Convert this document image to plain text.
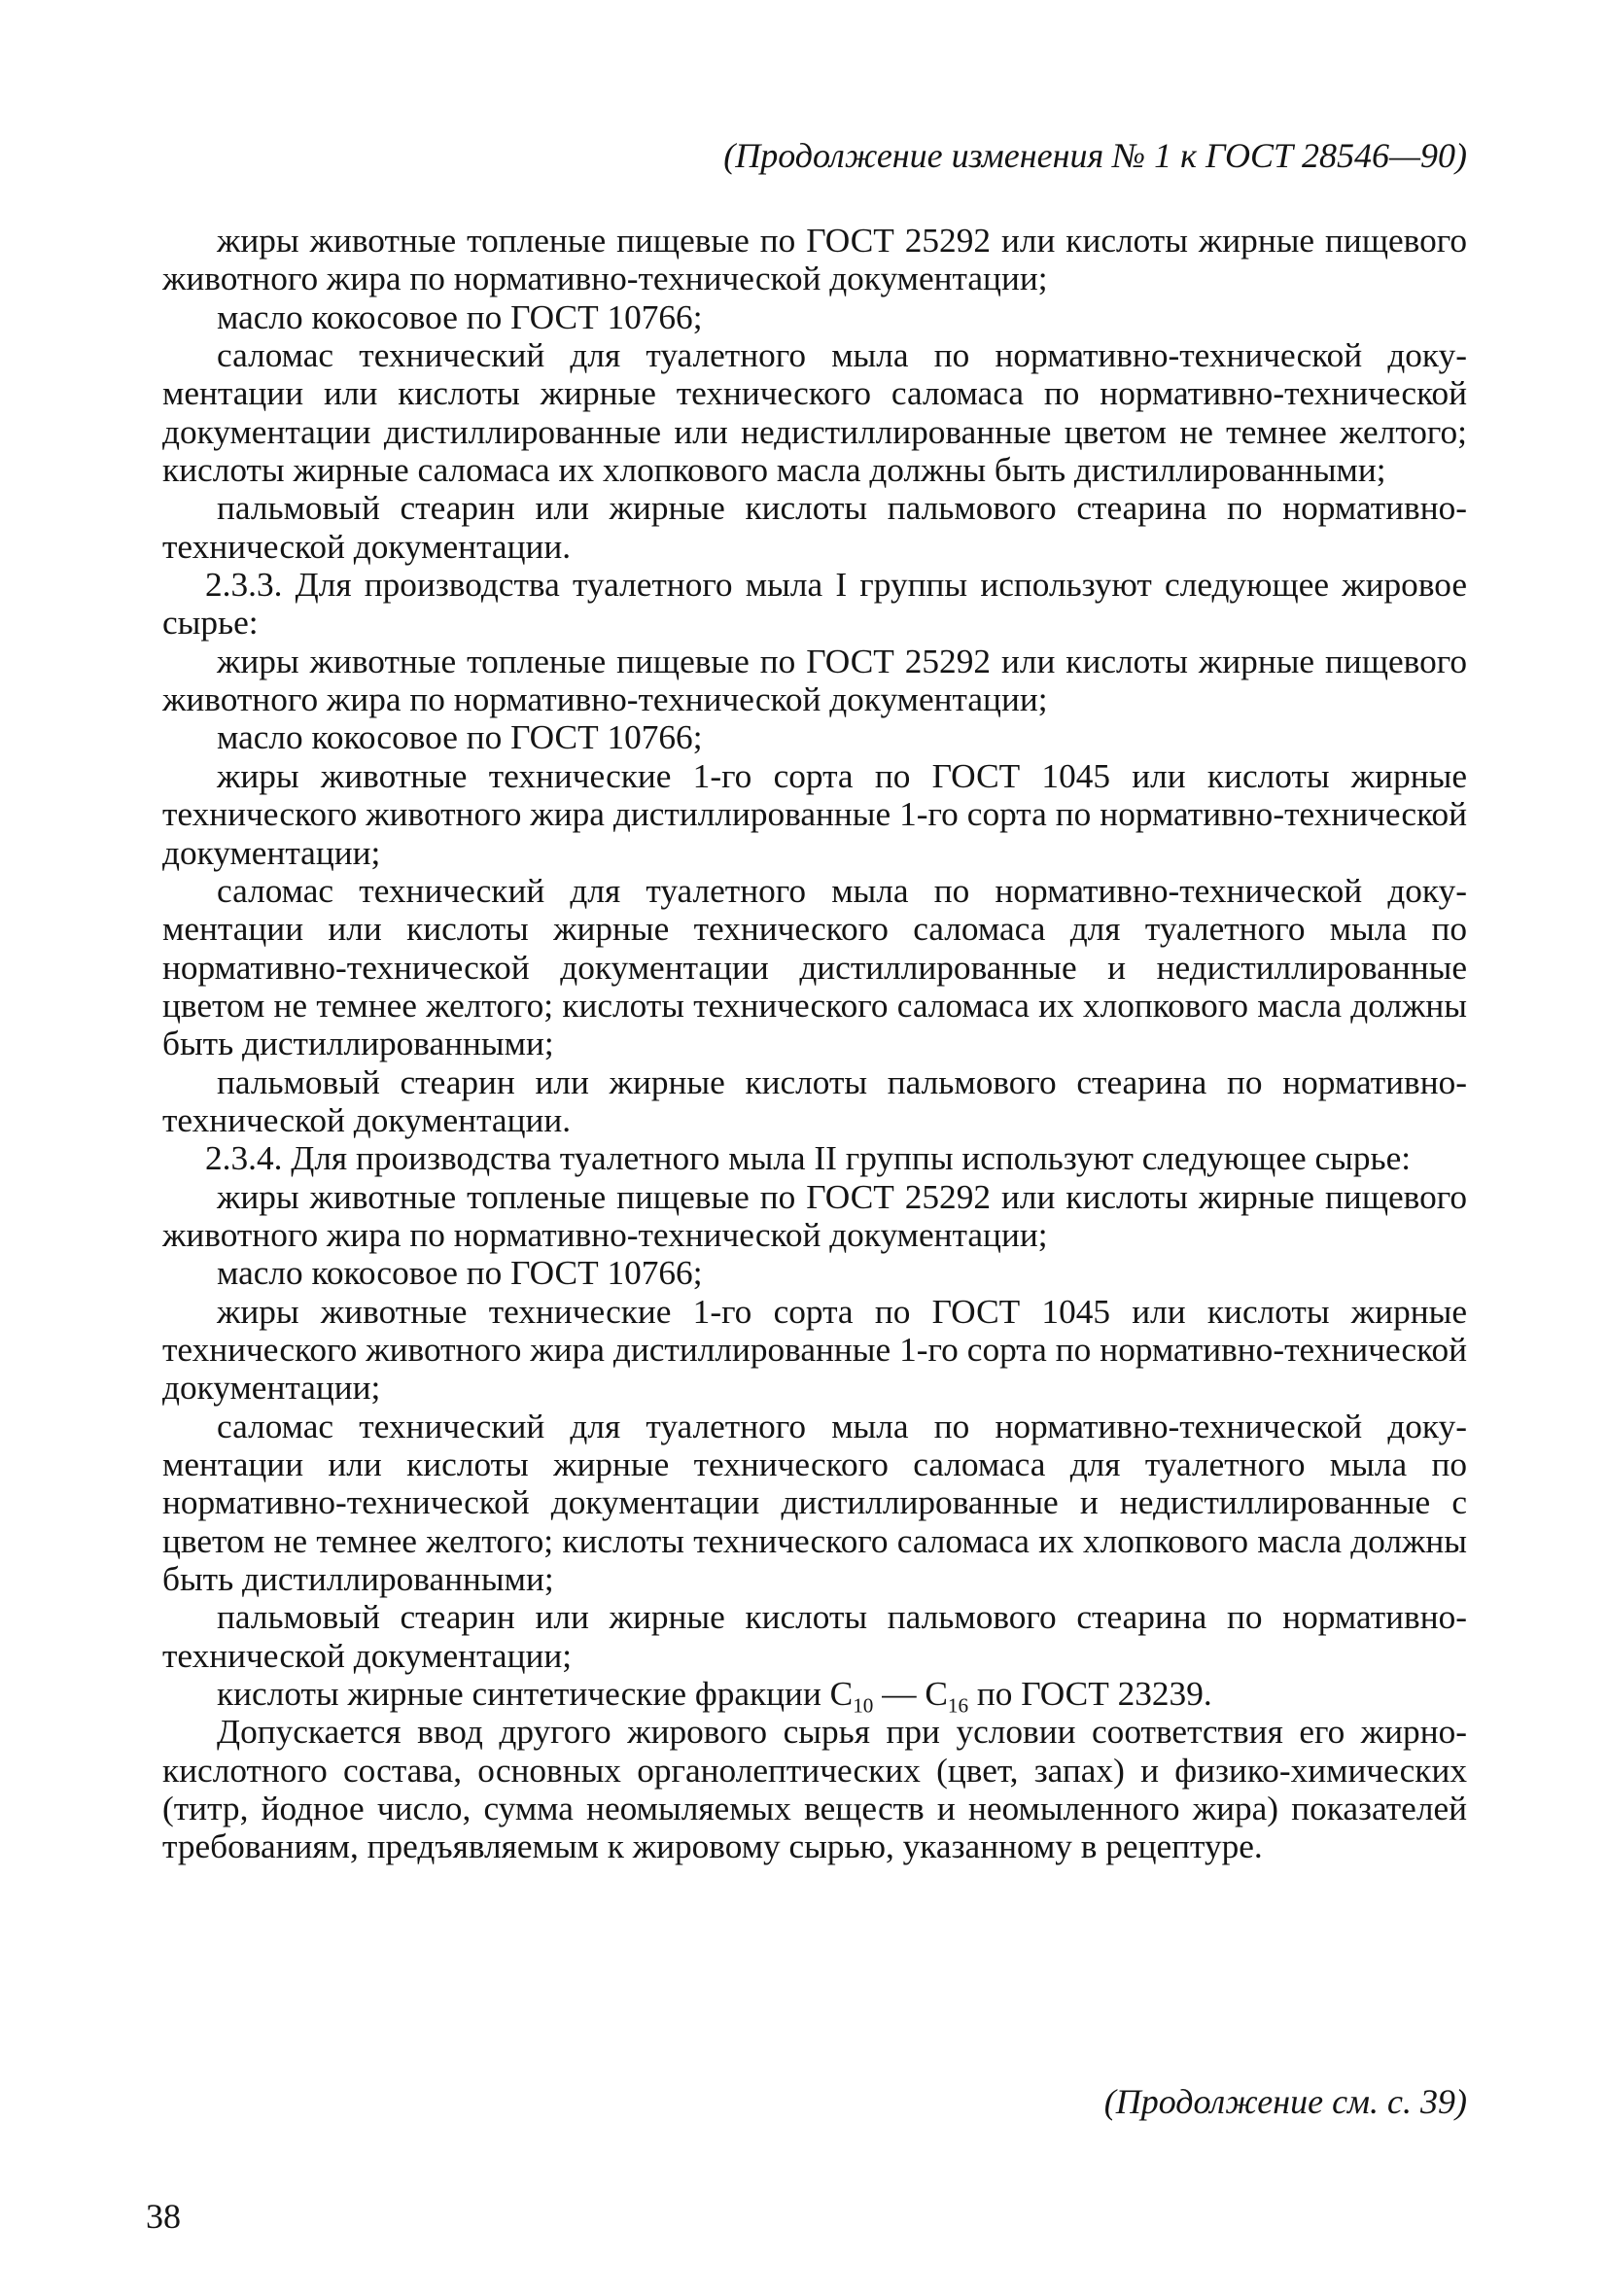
(Продолжение изменения № 1 к ГОСТ 28546—90)

жиры животные топленые пищевые по ГОСТ 25292 или кислоты жирные пищевого животного жира по нормативно-технической документации;

масло кокосовое по ГОСТ 10766;

саломас технический для туалетного мыла по нормативно-технической документации или кислоты жирные технического саломаса по нормативно-технической документации дистиллированные или недистиллированные цветом не темнее желтого; кислоты жирные саломаса их хлопкового масла должны быть дистиллированными;

пальмовый стеарин или жирные кислоты пальмового стеарина по нормативно-технической документации.

2.3.3. Для производства туалетного мыла I группы используют следующее жировое сырье:

жиры животные топленые пищевые по ГОСТ 25292 или кислоты жирные пищевого животного жира по нормативно-технической документации;

масло кокосовое по ГОСТ 10766;

жиры животные технические 1-го сорта по ГОСТ 1045 или кислоты жирные технического животного жира дистиллированные 1-го сорта по нормативно-технической документации;

саломас технический для туалетного мыла по нормативно-технической документации или кислоты жирные технического саломаса для туалетного мыла по нормативно-технической документации дистиллированные и недистиллированные цветом не темнее желтого; кислоты технического саломаса их хлопкового масла должны быть дистиллированными;

пальмовый стеарин или жирные кислоты пальмового стеарина по нормативно-технической документации.

2.3.4. Для производства туалетного мыла II группы используют следующее сырье:

жиры животные топленые пищевые по ГОСТ 25292 или кислоты жирные пищевого животного жира по нормативно-технической документации;

масло кокосовое по ГОСТ 10766;

жиры животные технические 1-го сорта по ГОСТ 1045 или кислоты жирные технического животного жира дистиллированные 1-го сорта по нормативно-технической документации;

саломас технический для туалетного мыла по нормативно-технической документации или кислоты жирные технического саломаса для туалетного мыла по нормативно-технической документации дистиллированные и недистиллированные с цветом не темнее желтого; кислоты технического саломаса их хлопкового масла должны быть дистиллированными;

пальмовый стеарин или жирные кислоты пальмового стеарина по нормативно-технической документации;

кислоты жирные синтетические фракции $С_{10}$ — $С_{16}$ по ГОСТ 23239.

Допускается ввод другого жирового сырья при условии соответствия его жирно-кислотного состава, основных органолептических (цвет, запах) и физико-химических (титр, йодное число, сумма неомыляемых веществ и неомыленного жира) показателей требованиям, предъявляемым к жировому сырью, указанному в рецептуре.

(Продолжение см. с. 39)
38
